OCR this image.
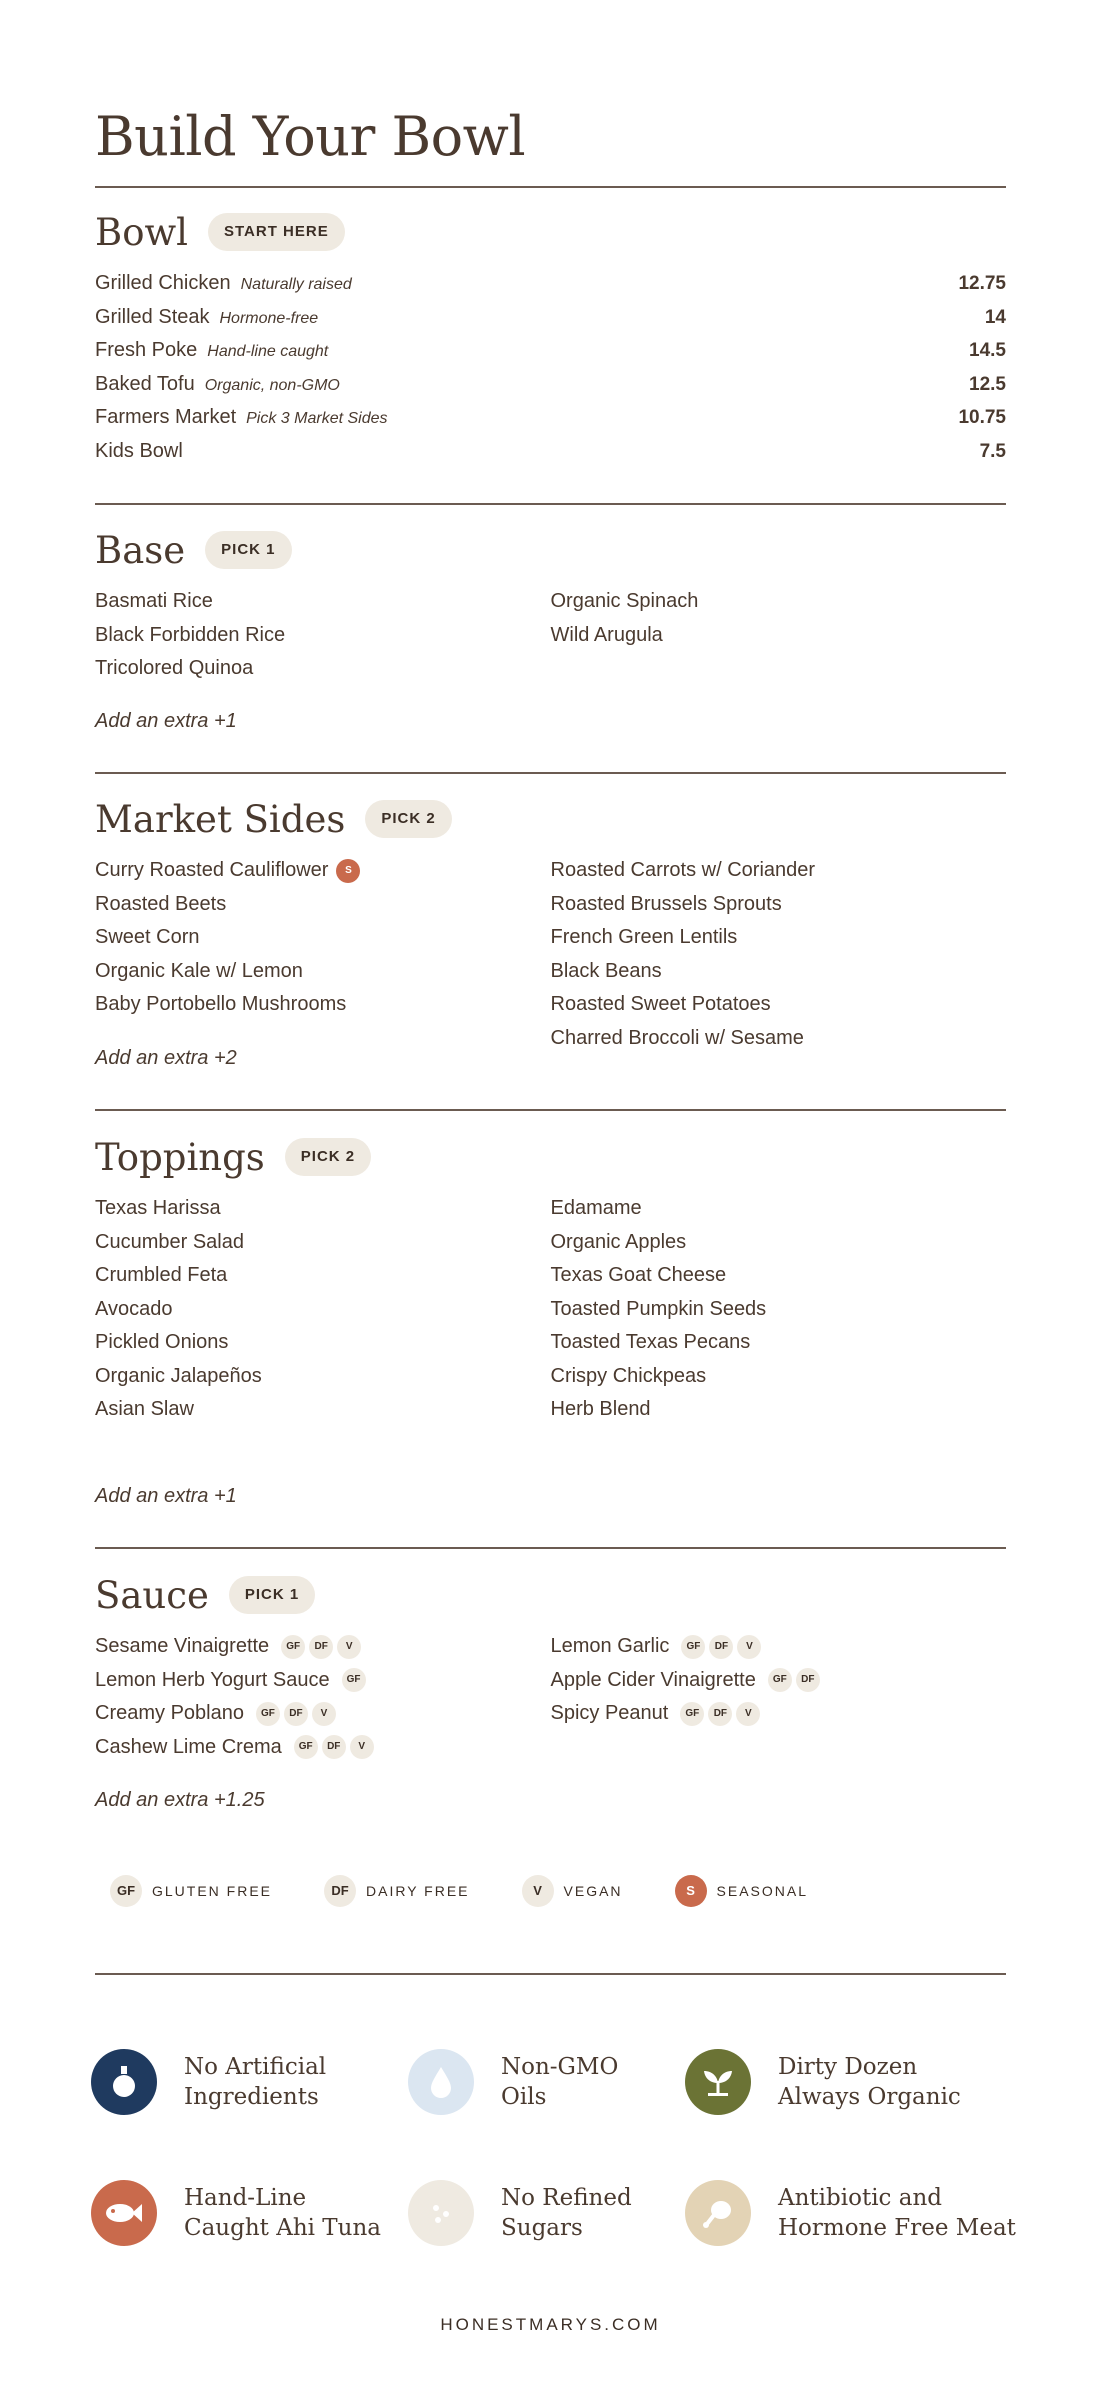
Build Your Bowl
Bowl	START HERE
Grilled Chicken Naturally raised	12.75
Grilled Steak Hormone-free	14
Fresh Poke Hand-line caught	14.5
Baked Tofu Organic, non-GMO	12.5
Farmers Market Pick 3 Market Sides	10.75
Kids Bowl	7.5
Base	PICK 1
Basmati Rice
Black Forbidden Rice
Tricolored Quinoa
Organic Spinach
Wild Arugula
Add an extra +1
Market Sides	PICK 2
Curry Roasted Cauliflower S
Roasted Beets
Sweet Corn
Organic Kale w/ Lemon
Baby Portobello Mushrooms
Roasted Carrots w/ Coriander
Roasted Brussels Sprouts
French Green Lentils
Black Beans
Roasted Sweet Potatoes
Charred Broccoli w/ Sesame
Add an extra +2
Toppings	PICK 2
Texas Harissa
Cucumber Salad
Crumbled Feta
Avocado
Pickled Onions
Organic Jalapeños
Asian Slaw
Edamame
Organic Apples
Texas Goat Cheese
Toasted Pumpkin Seeds
Toasted Texas Pecans
Crispy Chickpeas
Herb Blend
Add an extra +1
Sauce	PICK 1
Sesame Vinaigrette GF DF V
Lemon Herb Yogurt Sauce GF
Creamy Poblano GF DF V
Cashew Lime Crema GF DF V
Lemon Garlic GF DF V
Apple Cider Vinaigrette GF DF
Spicy Peanut GF DF V
Add an extra +1.25
GF	GLUTEN FREE	DF	DAIRY FREE	V	VEGAN	S	SEASONAL
No Artificial
Ingredients
Non-GMO
Oils
Dirty Dozen
Always Organic
Hand-Line
Caught Ahi Tuna
No Refined
Sugars
Antibiotic and
Hormone Free Meat
HONESTMARYS.COM
